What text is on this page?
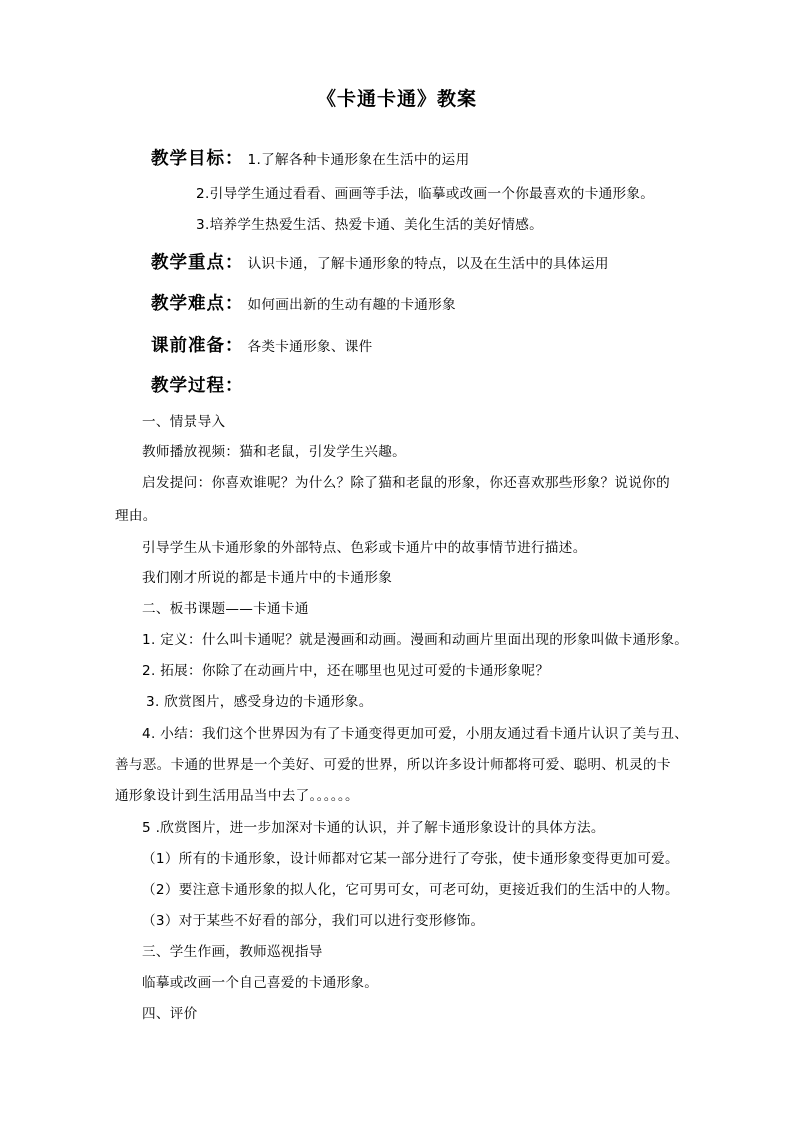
《卡通卡通》教案
教学目标： 1.了解各种卡通形象在生活中的运用
2.引导学生通过看看、画画等手法，临摹或改画一个你最喜欢的卡通形象。
3.培养学生热爱生活、热爱卡通、美化生活的美好情感。
教学重点： 认识卡通，了解卡通形象的特点，以及在生活中的具体运用
教学难点： 如何画出新的生动有趣的卡通形象
课前准备： 各类卡通形象、课件
教学过程：
一、情景导入
教师播放视频：猫和老鼠，引发学生兴趣。
启发提问：你喜欢谁呢？为什么？除了猫和老鼠的形象，你还喜欢那些形象？说说你的
理由。
引导学生从卡通形象的外部特点、色彩或卡通片中的故事情节进行描述。
我们刚才所说的都是卡通片中的卡通形象
二、板书课题——卡通卡通
1. 定义：什么叫卡通呢？就是漫画和动画。漫画和动画片里面出现的形象叫做卡通形象。
2. 拓展：你除了在动画片中，还在哪里也见过可爱的卡通形象呢？
3. 欣赏图片，感受身边的卡通形象。
4. 小结：我们这个世界因为有了卡通变得更加可爱，小朋友通过看卡通片认识了美与丑、
善与恶。卡通的世界是一个美好、可爱的世界，所以许多设计师都将可爱、聪明、机灵的卡
通形象设计到生活用品当中去了。。。。。。
5 .欣赏图片，进一步加深对卡通的认识，并了解卡通形象设计的具体方法。
（1）所有的卡通形象，设计师都对它某一部分进行了夸张，使卡通形象变得更加可爱。
（2）要注意卡通形象的拟人化，它可男可女，可老可幼，更接近我们的生活中的人物。
（3）对于某些不好看的部分，我们可以进行变形修饰。
三、学生作画，教师巡视指导
临摹或改画一个自己喜爱的卡通形象。
四、评价
